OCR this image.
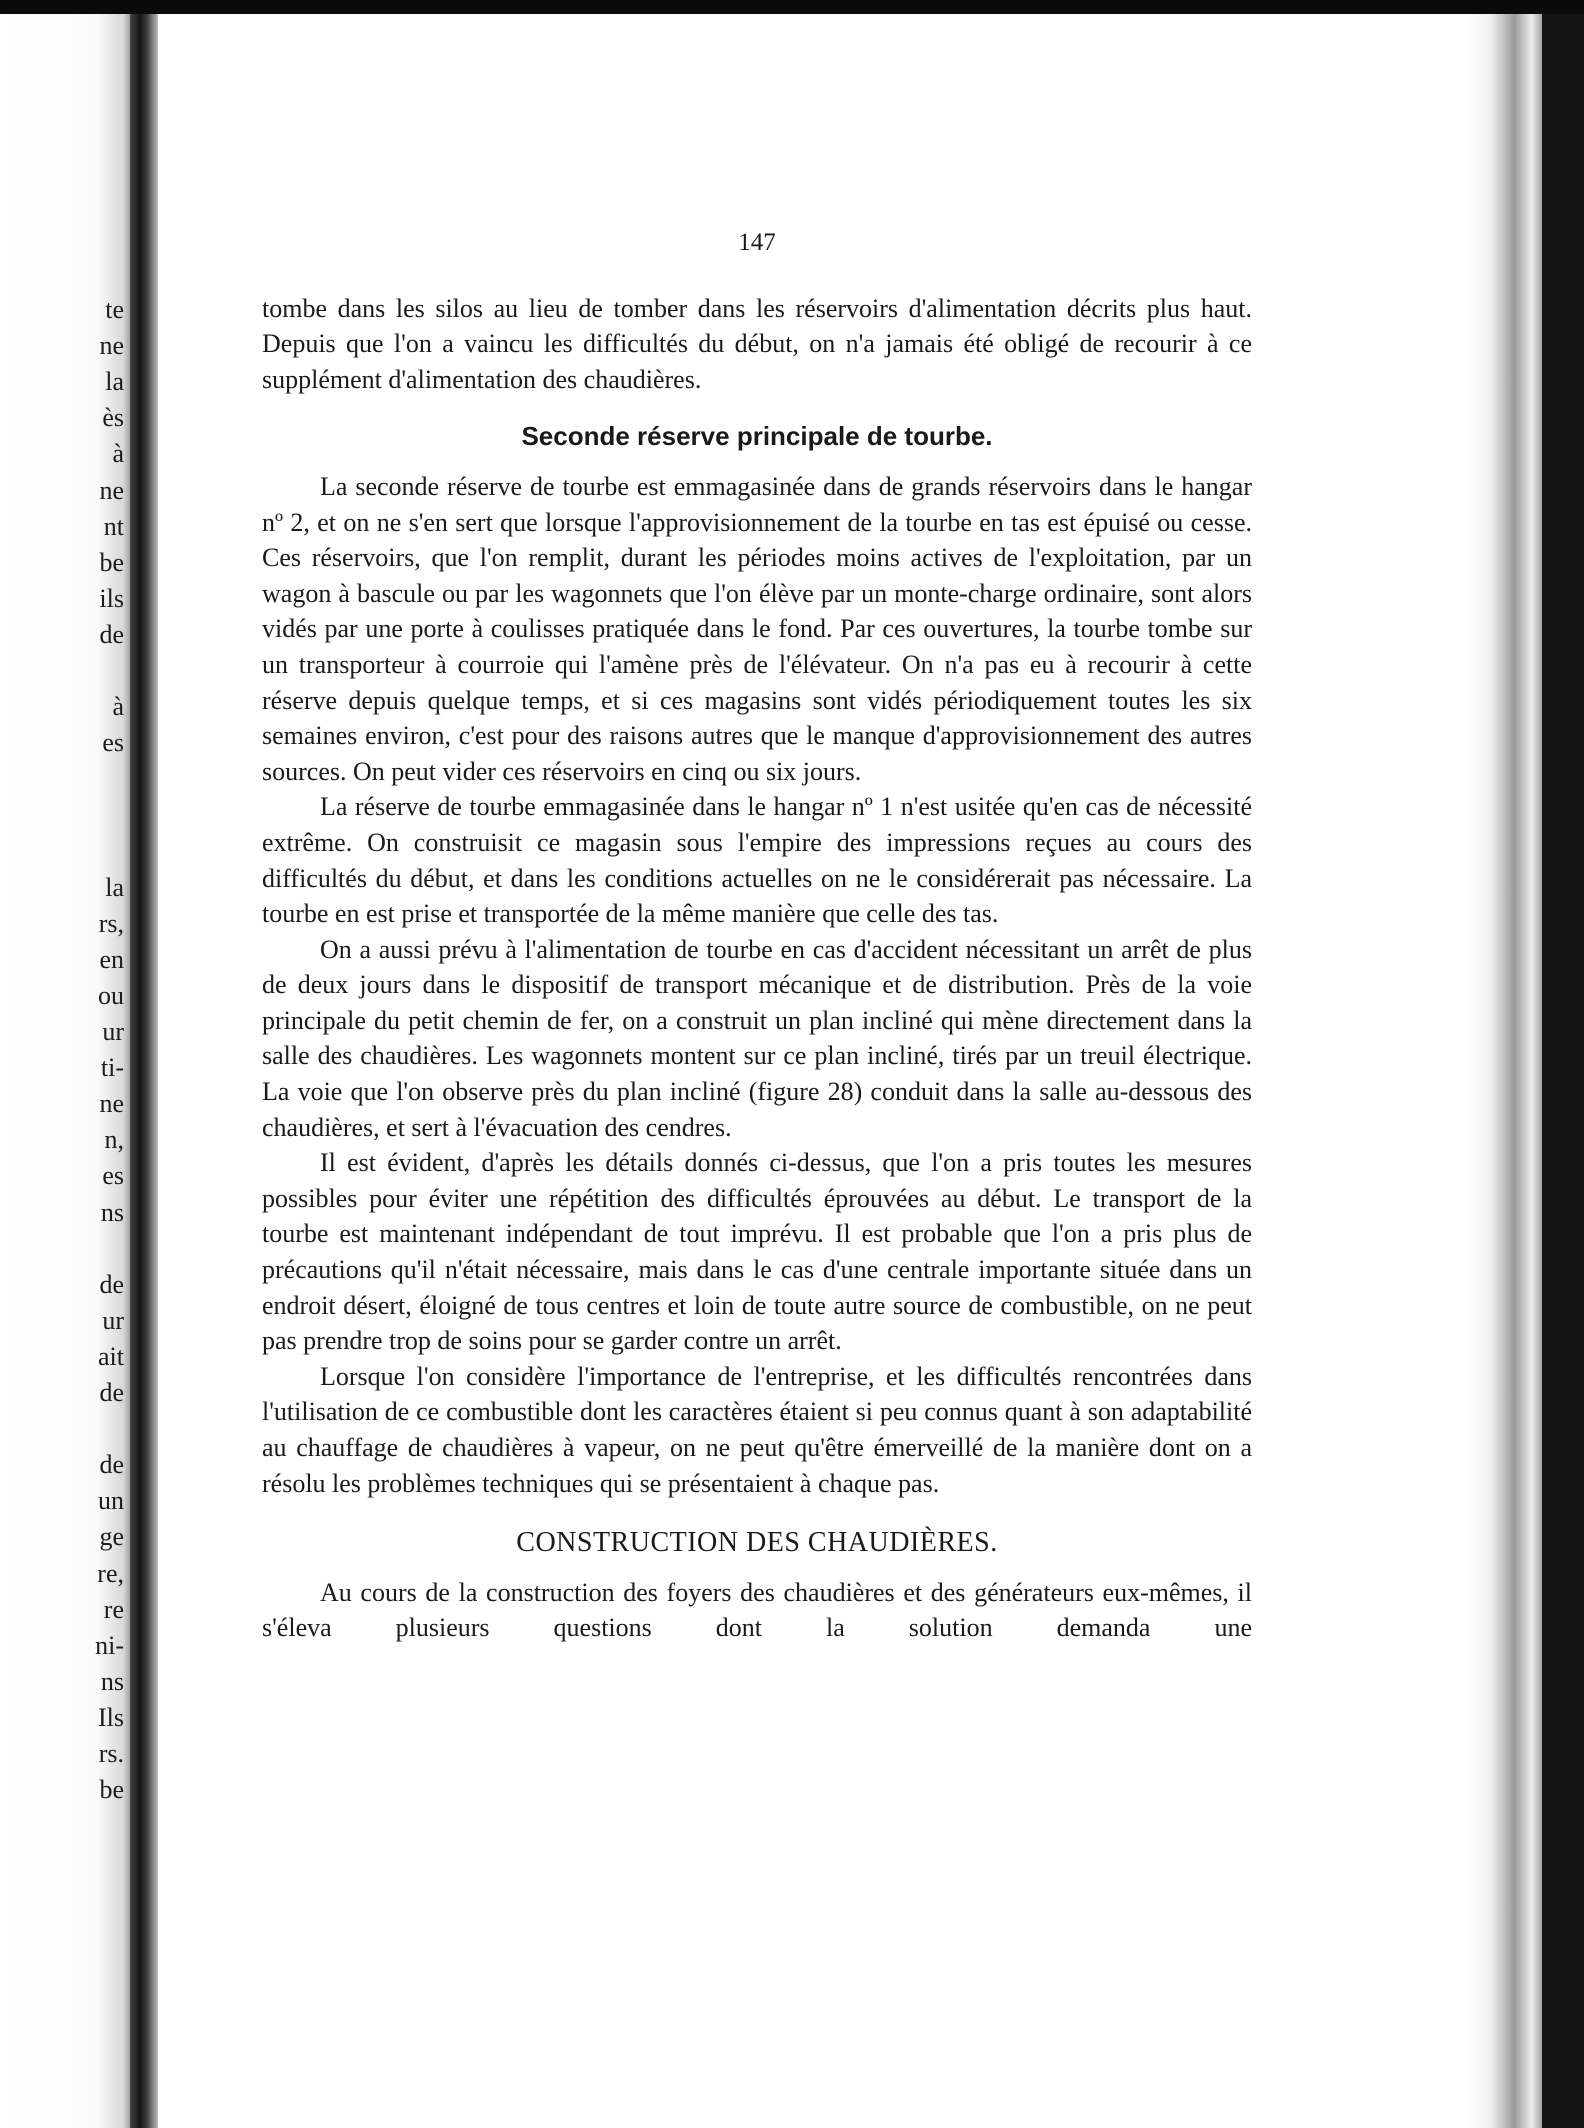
te
ne
la
ès
à
ne
nt
be
ils
de
à
es
la
rs,
en
ou
ur
ti-
ne
n,
es
ns
de
ur
ait
de
de
un
ge
re,
re
ni-
ns
Ils
rs.
be
147

tombe dans les silos au lieu de tomber dans les réservoirs d'alimentation décrits plus haut. Depuis que l'on a vaincu les difficultés du début, on n'a jamais été obligé de recourir à ce supplément d'alimentation des chaudières.

Seconde réserve principale de tourbe.

La seconde réserve de tourbe est emmagasinée dans de grands réservoirs dans le hangar nº 2, et on ne s'en sert que lorsque l'approvisionnement de la tourbe en tas est épuisé ou cesse. Ces réservoirs, que l'on remplit, durant les périodes moins actives de l'exploitation, par un wagon à bascule ou par les wagonnets que l'on élève par un monte-charge ordinaire, sont alors vidés par une porte à coulisses pratiquée dans le fond. Par ces ouvertures, la tourbe tombe sur un transporteur à courroie qui l'amène près de l'élévateur. On n'a pas eu à recourir à cette réserve depuis quelque temps, et si ces magasins sont vidés périodiquement toutes les six semaines environ, c'est pour des raisons autres que le manque d'approvisionnement des autres sources. On peut vider ces réservoirs en cinq ou six jours.

La réserve de tourbe emmagasinée dans le hangar nº 1 n'est usitée qu'en cas de nécessité extrême. On construisit ce magasin sous l'empire des impressions reçues au cours des difficultés du début, et dans les conditions actuelles on ne le considérerait pas nécessaire. La tourbe en est prise et transportée de la même manière que celle des tas.

On a aussi prévu à l'alimentation de tourbe en cas d'accident nécessitant un arrêt de plus de deux jours dans le dispositif de transport mécanique et de distribution. Près de la voie principale du petit chemin de fer, on a construit un plan incliné qui mène directement dans la salle des chaudières. Les wagonnets montent sur ce plan incliné, tirés par un treuil électrique. La voie que l'on observe près du plan incliné (figure 28) conduit dans la salle au-dessous des chaudières, et sert à l'évacuation des cendres.

Il est évident, d'après les détails donnés ci-dessus, que l'on a pris toutes les mesures possibles pour éviter une répétition des difficultés éprouvées au début. Le transport de la tourbe est maintenant indépendant de tout imprévu. Il est probable que l'on a pris plus de précautions qu'il n'était nécessaire, mais dans le cas d'une centrale importante située dans un endroit désert, éloigné de tous centres et loin de toute autre source de combustible, on ne peut pas prendre trop de soins pour se garder contre un arrêt.

Lorsque l'on considère l'importance de l'entreprise, et les difficultés rencontrées dans l'utilisation de ce combustible dont les caractères étaient si peu connus quant à son adaptabilité au chauffage de chaudières à vapeur, on ne peut qu'être émerveillé de la manière dont on a résolu les problèmes techniques qui se présentaient à chaque pas.

CONSTRUCTION DES CHAUDIÈRES.

Au cours de la construction des foyers des chaudières et des générateurs eux-mêmes, il s'éleva plusieurs questions dont la solution demanda une
